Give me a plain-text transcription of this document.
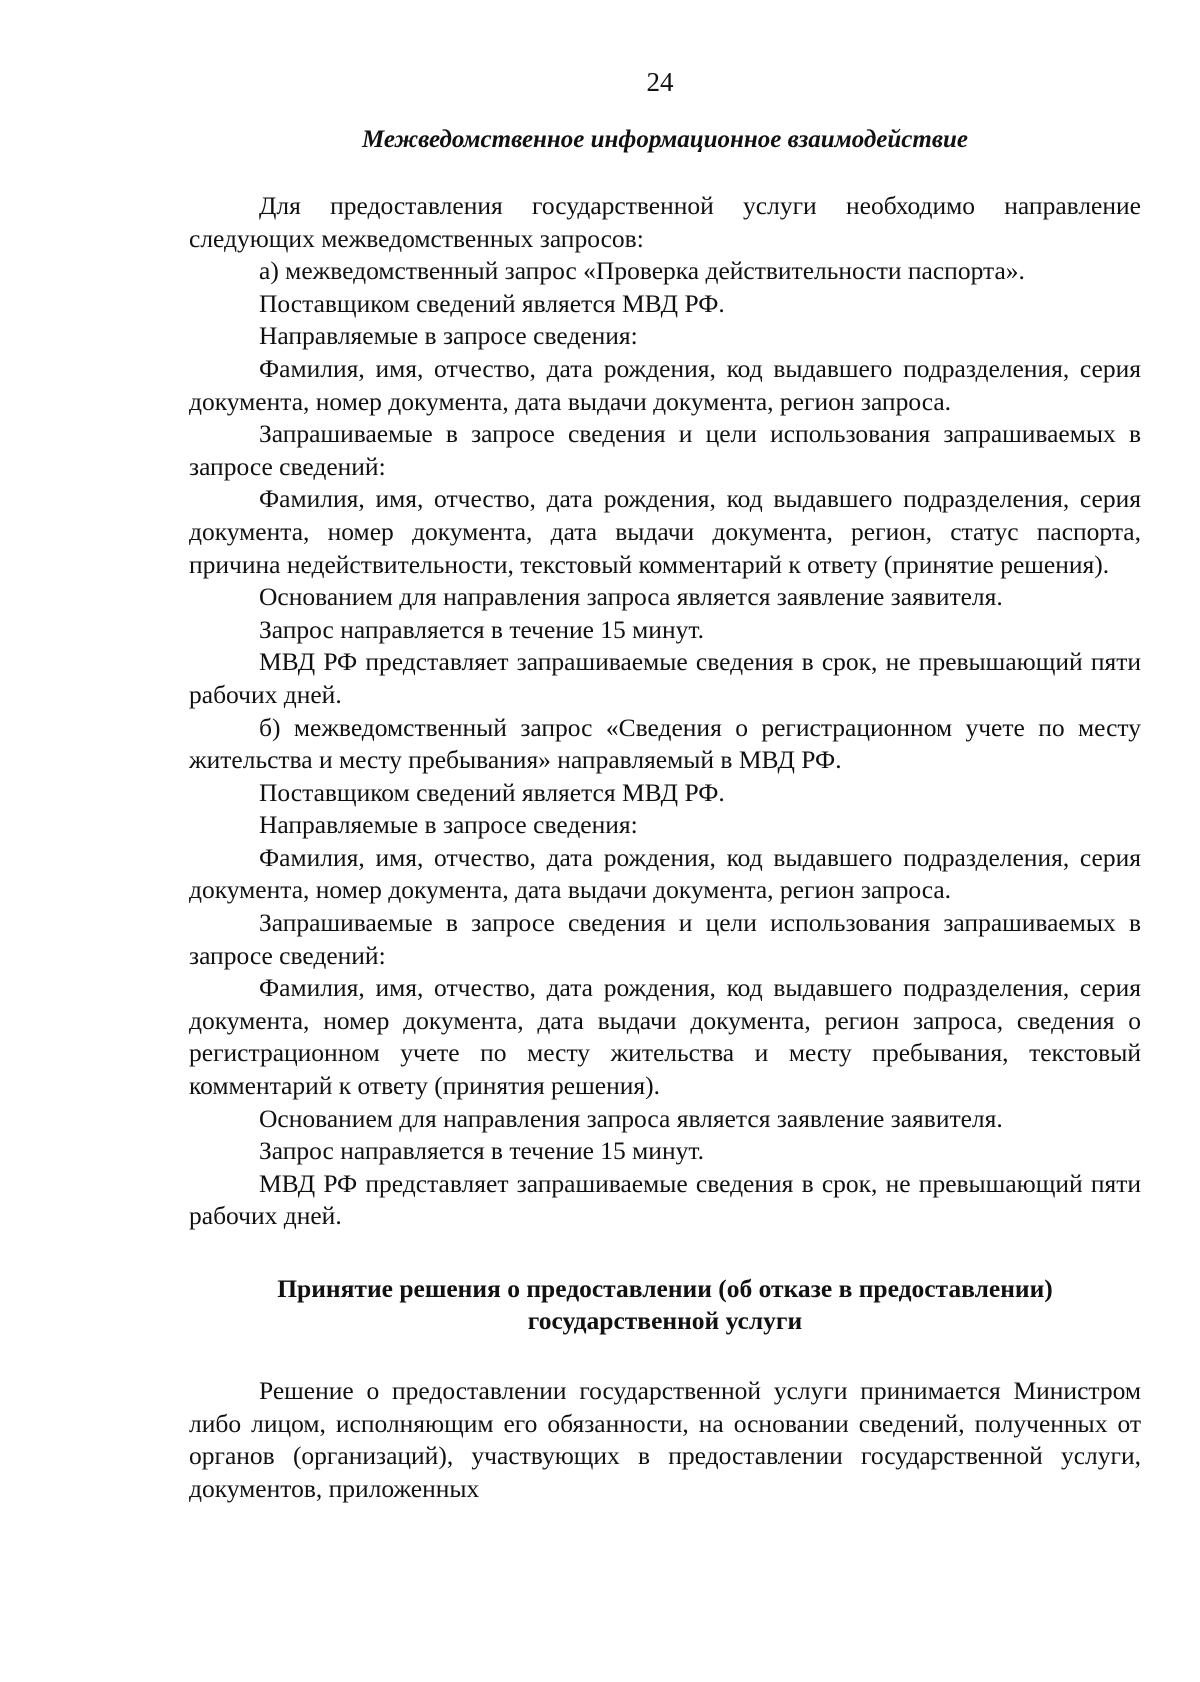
24
Межведомственное информационное взаимодействие

Для предоставления государственной услуги необходимо направление следующих межведомственных запросов:

а) межведомственный запрос «Проверка действительности паспорта».

Поставщиком сведений является МВД РФ.

Направляемые в запросе сведения:

Фамилия, имя, отчество, дата рождения, код выдавшего подразделения, серия документа, номер документа, дата выдачи документа, регион запроса.

Запрашиваемые в запросе сведения и цели использования запрашиваемых в запросе сведений:

Фамилия, имя, отчество, дата рождения, код выдавшего подразделения, серия документа, номер документа, дата выдачи документа, регион, статус паспорта, причина недействительности, текстовый комментарий к ответу (принятие решения).

Основанием для направления запроса является заявление заявителя.

Запрос направляется в течение 15 минут.

МВД РФ представляет запрашиваемые сведения в срок, не превышающий пяти рабочих дней.

б) межведомственный запрос «Сведения о регистрационном учете по месту жительства и месту пребывания» направляемый в МВД РФ.

Поставщиком сведений является МВД РФ.

Направляемые в запросе сведения:

Фамилия, имя, отчество, дата рождения, код выдавшего подразделения, серия документа, номер документа, дата выдачи документа, регион запроса.

Запрашиваемые в запросе сведения и цели использования запрашиваемых в запросе сведений:

Фамилия, имя, отчество, дата рождения, код выдавшего подразделения, серия документа, номер документа, дата выдачи документа, регион запроса, сведения о регистрационном учете по месту жительства и месту пребывания, текстовый комментарий к ответу (принятия решения).

Основанием для направления запроса является заявление заявителя.

Запрос направляется в течение 15 минут.

МВД РФ представляет запрашиваемые сведения в срок, не превышающий пяти рабочих дней.

Принятие решения о предоставлении (об отказе в предоставлении)
государственной услуги

Решение о предоставлении государственной услуги принимается Министром либо лицом, исполняющим его обязанности, на основании сведений, полученных от органов (организаций), участвующих в предоставлении государственной услуги, документов, приложенных
